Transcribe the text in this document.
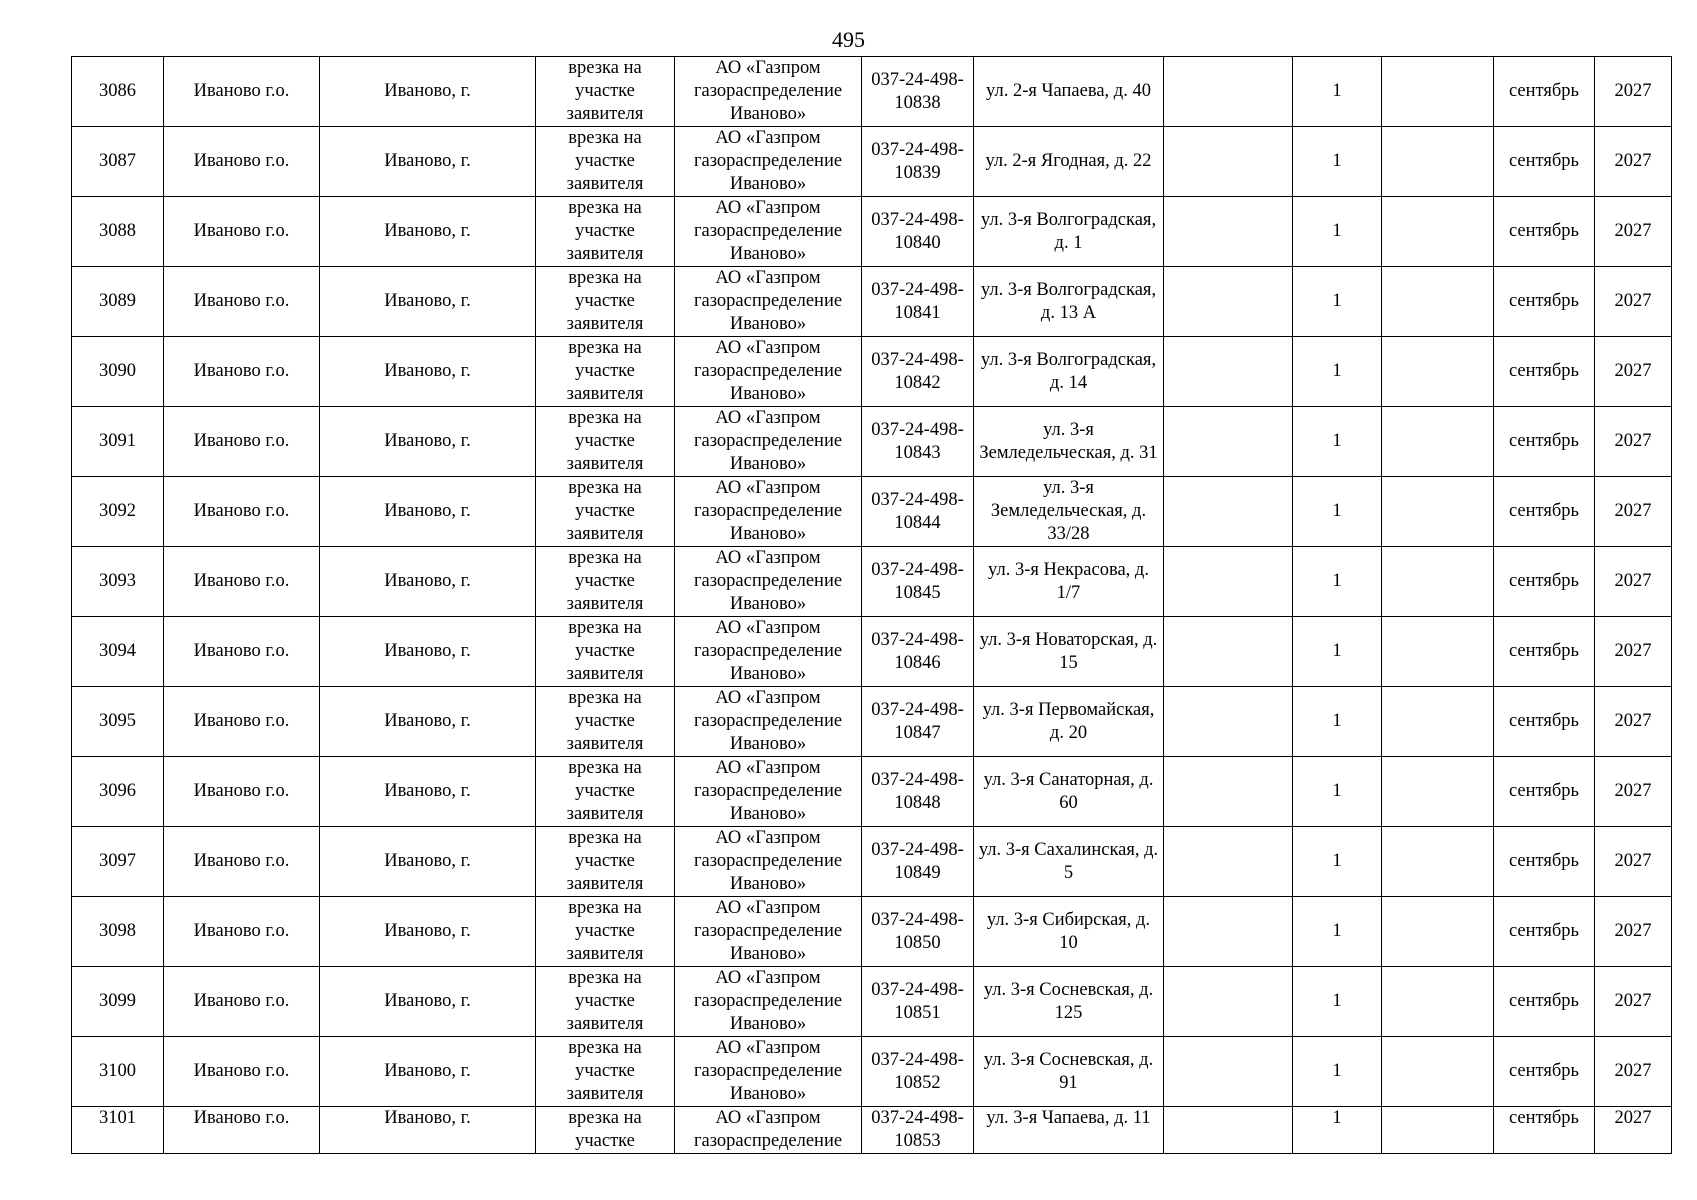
495
3086	Иваново г.о.	Иваново, г.	врезка на участке заявителя	АО «Газпром газораспределение Иваново»	037-24-498-10838	ул. 2-я Чапаева, д. 40		1		сентябрь	2027
3087	Иваново г.о.	Иваново, г.	врезка на участке заявителя	АО «Газпром газораспределение Иваново»	037-24-498-10839	ул. 2-я Ягодная, д. 22		1		сентябрь	2027
3088	Иваново г.о.	Иваново, г.	врезка на участке заявителя	АО «Газпром газораспределение Иваново»	037-24-498-10840	ул. 3-я Волгоградская, д. 1		1		сентябрь	2027
3089	Иваново г.о.	Иваново, г.	врезка на участке заявителя	АО «Газпром газораспределение Иваново»	037-24-498-10841	ул. 3-я Волгоградская, д. 13 А		1		сентябрь	2027
3090	Иваново г.о.	Иваново, г.	врезка на участке заявителя	АО «Газпром газораспределение Иваново»	037-24-498-10842	ул. 3-я Волгоградская, д. 14		1		сентябрь	2027
3091	Иваново г.о.	Иваново, г.	врезка на участке заявителя	АО «Газпром газораспределение Иваново»	037-24-498-10843	ул. 3-я Земледельческая, д. 31		1		сентябрь	2027
3092	Иваново г.о.	Иваново, г.	врезка на участке заявителя	АО «Газпром газораспределение Иваново»	037-24-498-10844	ул. 3-я Земледельческая, д. 33/28		1		сентябрь	2027
3093	Иваново г.о.	Иваново, г.	врезка на участке заявителя	АО «Газпром газораспределение Иваново»	037-24-498-10845	ул. 3-я Некрасова, д. 1/7		1		сентябрь	2027
3094	Иваново г.о.	Иваново, г.	врезка на участке заявителя	АО «Газпром газораспределение Иваново»	037-24-498-10846	ул. 3-я Новаторская, д. 15		1		сентябрь	2027
3095	Иваново г.о.	Иваново, г.	врезка на участке заявителя	АО «Газпром газораспределение Иваново»	037-24-498-10847	ул. 3-я Первомайская, д. 20		1		сентябрь	2027
3096	Иваново г.о.	Иваново, г.	врезка на участке заявителя	АО «Газпром газораспределение Иваново»	037-24-498-10848	ул. 3-я Санаторная, д. 60		1		сентябрь	2027
3097	Иваново г.о.	Иваново, г.	врезка на участке заявителя	АО «Газпром газораспределение Иваново»	037-24-498-10849	ул. 3-я Сахалинская, д. 5		1		сентябрь	2027
3098	Иваново г.о.	Иваново, г.	врезка на участке заявителя	АО «Газпром газораспределение Иваново»	037-24-498-10850	ул. 3-я Сибирская, д. 10		1		сентябрь	2027
3099	Иваново г.о.	Иваново, г.	врезка на участке заявителя	АО «Газпром газораспределение Иваново»	037-24-498-10851	ул. 3-я Сосневская, д. 125		1		сентябрь	2027
3100	Иваново г.о.	Иваново, г.	врезка на участке заявителя	АО «Газпром газораспределение Иваново»	037-24-498-10852	ул. 3-я Сосневская, д. 91		1		сентябрь	2027
3101	Иваново г.о.	Иваново, г.	врезка на участке	АО «Газпром газораспределение	037-24-498-10853	ул. 3-я Чапаева, д. 11		1		сентябрь	2027
